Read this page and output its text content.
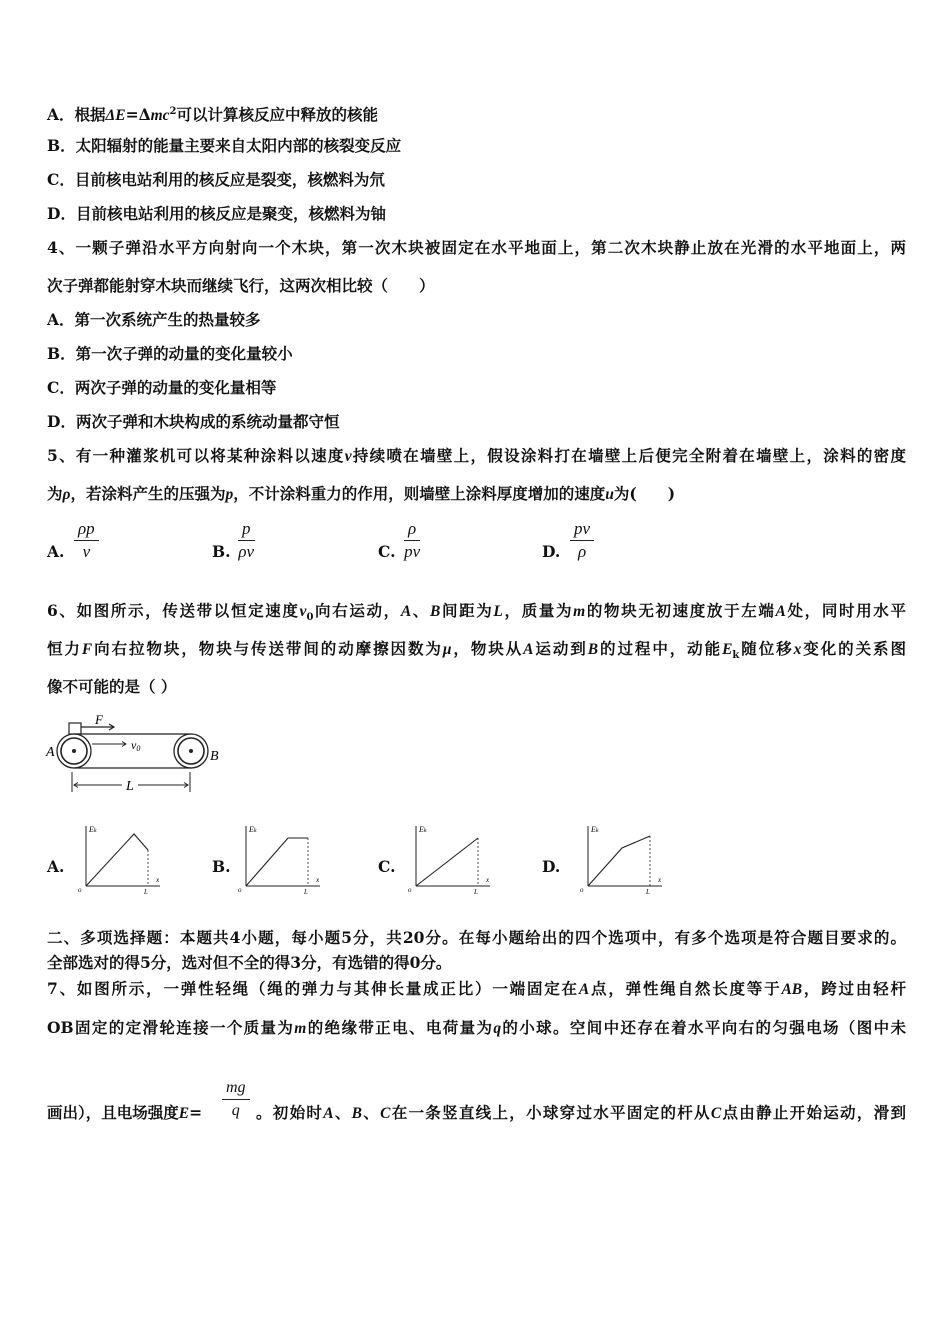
A．根据ΔE=Δmc$^2$可以计算核反应中释放的核能
B．太阳辐射的能量主要来自太阳内部的核裂变反应
C．目前核电站利用的核反应是裂变，核燃料为氘
D．目前核电站利用的核反应是聚变，核燃料为铀
4、一颗子弹沿水平方向射向一个木块，第一次木块被固定在水平地面上，第二次木块静止放在光滑的水平地面上，两
次子弹都能射穿木块而继续飞行，这两次相比较（　　）
A．第一次系统产生的热量较多
B．第一次子弹的动量的变化量较小
C．两次子弹的动量的变化量相等
D．两次子弹和木块构成的系统动量都守恒
5、有一种灌浆机可以将某种涂料以速度v持续喷在墙壁上，假设涂料打在墙壁上后便完全附着在墙壁上，涂料的密度
为ρ，若涂料产生的压强为p，不计涂料重力的作用，则墙壁上涂料厚度增加的速度u为(　　)
A. $\frac{\rho p}{v}$	B. $\frac{p}{\rho v}$	C. $\frac{\rho}{pv}$	D. $\frac{pv}{\rho}$
6、如图所示，传送带以恒定速度$v_0$向右运动，A、B间距为L，质量为m的物块无初速度放于左端A处，同时用水平
恒力F向右拉物块，物块与传送带间的动摩擦因数为μ，物块从A运动到B的过程中，动能$E_k$随位移x变化的关系图
像不可能的是（ ）
F
v0
A	B
L
A.
Ek
o
x
L
B.
Ek
o
x
L
C.
Ek
o
x
L
D.
Ek
o
x
L
二、多项选择题：本题共4小题，每小题5分，共20分。在每小题给出的四个选项中，有多个选项是符合题目要求的。
全部选对的得5分，选对但不全的得3分，有选错的得0分。
7、如图所示，一弹性轻绳（绳的弹力与其伸长量成正比）一端固定在A点，弹性绳自然长度等于AB，跨过由轻杆
OB固定的定滑轮连接一个质量为m的绝缘带正电、电荷量为q的小球。空间中还存在着水平向右的匀强电场（图中未
画出），且电场强度$E= \frac{mg}{q}$ 。初始时A、B、C在一条竖直线上，小球穿过水平固定的杆从C点由静止开始运动，滑到
